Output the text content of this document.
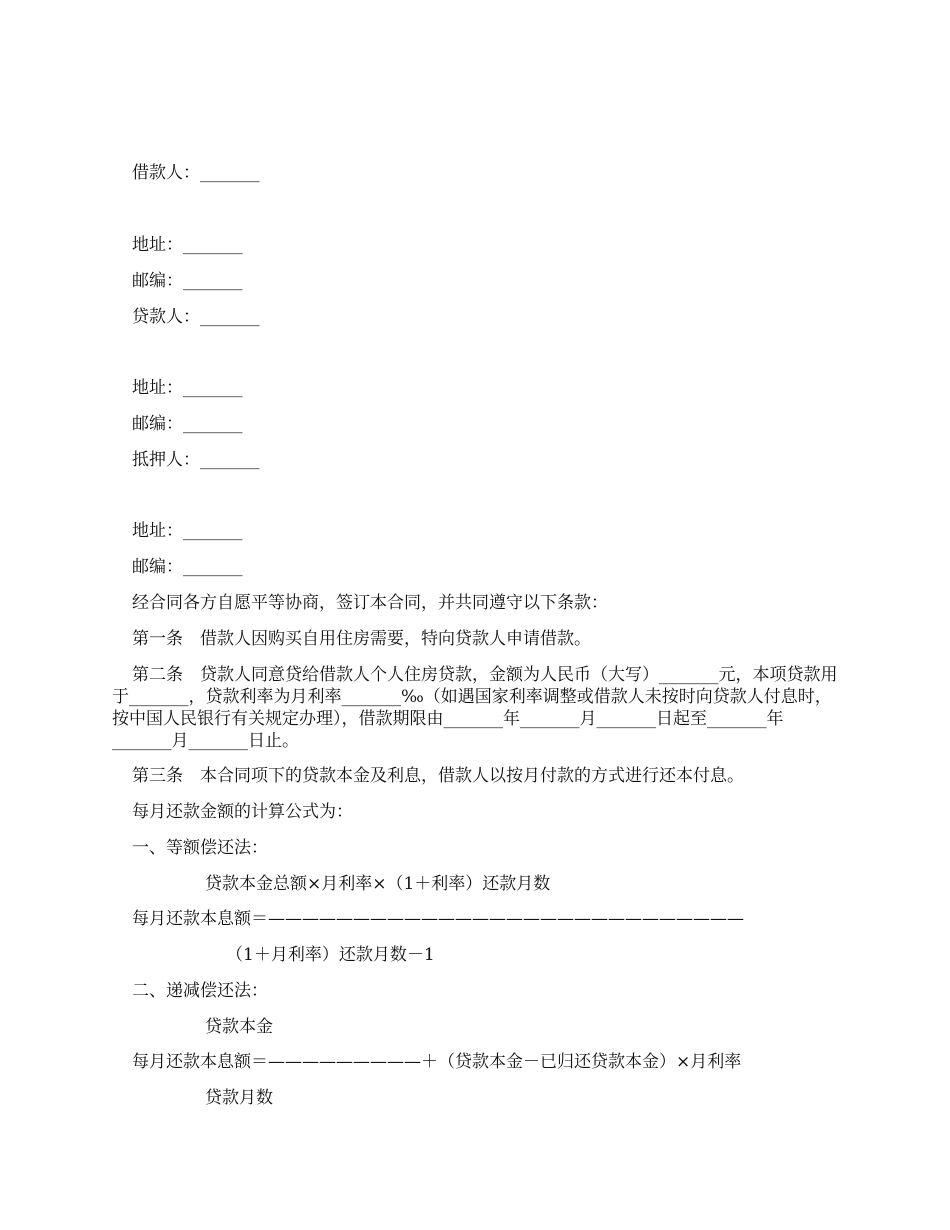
借款人：_______
地址：_______
邮编：_______
贷款人：_______
地址：_______
邮编：_______
抵押人：_______
地址：_______
邮编：_______
经合同各方自愿平等协商，签订本合同，并共同遵守以下条款：
第一条　借款人因购买自用住房需要，特向贷款人申请借款。
第二条　贷款人同意贷给借款人个人住房贷款，金额为人民币（大写）_______元，本项贷款用于_______，贷款利率为月利率_______‰（如遇国家利率调整或借款人未按时向贷款人付息时，按中国人民银行有关规定办理），借款期限由_______年_______月_______日起至_______年_______月_______日止。
第三条　本合同项下的贷款本金及利息，借款人以按月付款的方式进行还本付息。
每月还款金额的计算公式为：
一、等额偿还法：
贷款本金总额×月利率×（1＋利率）还款月数
每月还款本息额＝————————————————————————————
（1＋月利率）还款月数－1
二、递减偿还法：
贷款本金
每月还款本息额＝—————————＋（贷款本金－已归还贷款本金）×月利率
贷款月数
